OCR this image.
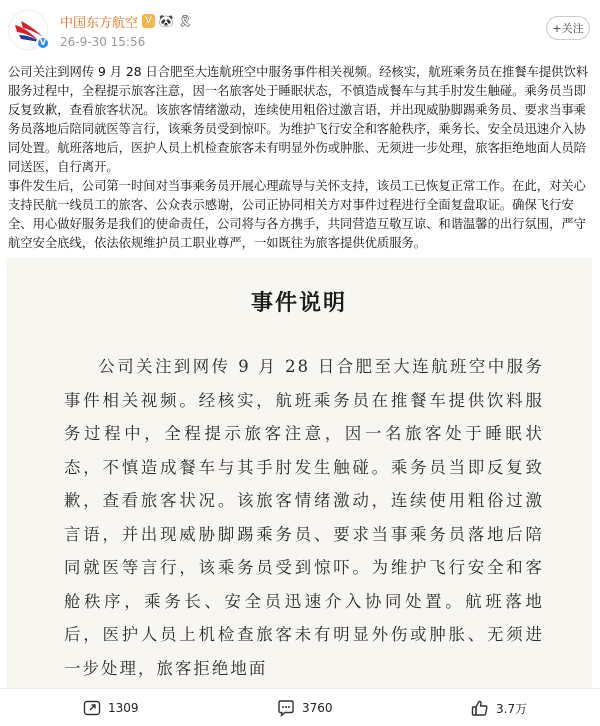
V
中国东方航空 V 🐼 🎗
26-9-30 15:56
+关注

公司关注到网传 9 月 28 日合肥至大连航班空中服务事件相关视频。经核实，航班乘务员在推餐车提供饮料服务过程中，全程提示旅客注意，因一名旅客处于睡眠状态，不慎造成餐车与其手肘发生触碰。乘务员当即反复致歉，查看旅客状况。该旅客情绪激动，连续使用粗俗过激言语，并出现威胁脚踢乘务员、要求当事乘务员落地后陪同就医等言行，该乘务员受到惊吓。为维护飞行安全和客舱秩序，乘务长、安全员迅速介入协同处置。航班落地后，医护人员上机检查旅客未有明显外伤或肿胀、无须进一步处理，旅客拒绝地面人员陪同送医，自行离开。

事件发生后，公司第一时间对当事乘务员开展心理疏导与关怀支持，该员工已恢复正常工作。在此，对关心支持民航一线员工的旅客、公众表示感谢，公司正协同相关方对事件过程进行全面复盘取证。确保飞行安全、用心做好服务是我们的使命责任，公司将与各方携手，共同营造互敬互谅、和谐温馨的出行氛围，严守航空安全底线，依法依规维护员工职业尊严，一如既往为旅客提供优质服务。

事件说明
公司关注到网传 9 月 28 日合肥至大连航班空中服务事件相关视频。经核实，航班乘务员在推餐车提供饮料服务过程中，全程提示旅客注意，因一名旅客处于睡眠状态，不慎造成餐车与其手肘发生触碰。乘务员当即反复致歉，查看旅客状况。该旅客情绪激动，连续使用粗俗过激言语，并出现威胁脚踢乘务员、要求当事乘务员落地后陪同就医等言行，该乘务员受到惊吓。为维护飞行安全和客舱秩序，乘务长、安全员迅速介入协同处置。航班落地后，医护人员上机检查旅客未有明显外伤或肿胀、无须进一步处理，旅客拒绝地面
1309	3760	3.7万
